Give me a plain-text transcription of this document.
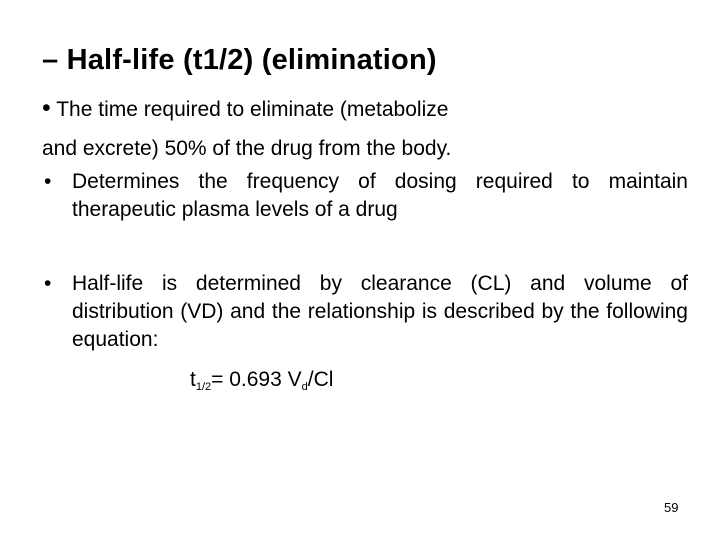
– Half-life (t1/2) (elimination)
• The time required to eliminate (metabolize
and excrete) 50% of the drug from the body.
• Determines the frequency of dosing required to maintain therapeutic plasma levels of a drug
• Half-life is determined by clearance (CL) and volume of distribution (VD) and the relationship is described by the following equation:
$t_{1/2}= 0.693$ $V_d/Cl$
59
